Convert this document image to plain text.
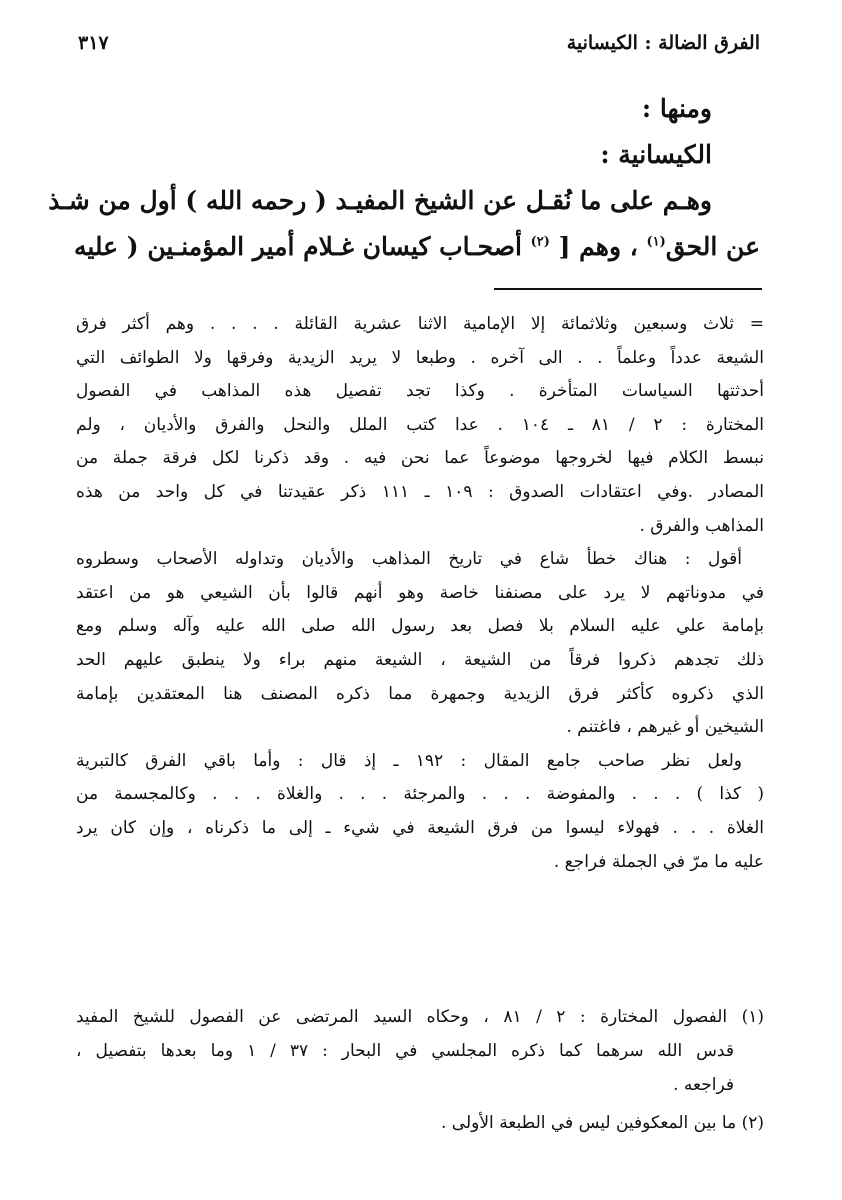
الفرق الضالة : الكيسانية
٣١٧

ومنها :

الكيسانية :

وهـم على ما نُقـل عن الشيخ المفيـد ( رحمه الله ) أول من شـذ

عن الحق$^{(١)}$ ، وهم [ $^{(٢)}$ أصحـاب كيسان غـلام أمير المؤمنـين ( عليه

= ثلاث وسبعين وثلاثمائة إلا الإمامية الاثنا عشرية القائلة . . . . وهم أكثر فرق

الشيعة عدداً وعلماً . . الى آخره . وطبعا لا يريد الزيدية وفرقها ولا الطوائف التي

أحدثتها السياسات المتأخرة . وكذا تجد تفصيل هذه المذاهب في الفصول

المختارة : ٢ / ٨١ ـ ١٠٤ . عدا كتب الملل والنحل والفرق والأديان ، ولم

نبسط الكلام فيها لخروجها موضوعاً عما نحن فيه . وقد ذكرنا لكل فرقة جملة من

المصادر .وفي اعتقادات الصدوق : ١٠٩ ـ ١١١ ذكر عقيدتنا في كل واحد من هذه

المذاهب والفرق .

أقول : هناك خطأ شاع في تاريخ المذاهب والأديان وتداوله الأصحاب وسطروه

في مدوناتهم لا يرد على مصنفنا خاصة وهو أنهم قالوا بأن الشيعي هو من اعتقد

بإمامة علي عليه السلام بلا فصل بعد رسول الله صلى الله عليه وآله وسلم ومع

ذلك تجدهم ذكروا فرقاً من الشيعة ، الشيعة منهم براء ولا ينطبق عليهم الحد

الذي ذكروه كأكثر فرق الزيدية وجمهرة مما ذكره المصنف هنا المعتقدين بإمامة

الشيخين أو غيرهم ، فاغتنم .

ولعل نظر صاحب جامع المقال : ١٩٢ ـ إذ قال : وأما باقي الفرق كالتبرية

( كذا ) . . . والمفوضة . . . والمرجئة . . . والغلاة . . . وكالمجسمة من

الغلاة . . . فهولاء ليسوا من فرق الشيعة في شيء ـ إلى ما ذكرناه ، وإن كان يرد

عليه ما مرّ في الجملة فراجع .

(١) الفصول المختارة : ٢ / ٨١ ، وحكاه السيد المرتضى عن الفصول للشيخ المفيد

قدس الله سرهما كما ذكره المجلسي في البحار : ٣٧ / ١ وما بعدها بتفصيل ،

فراجعه .

(٢) ما بين المعكوفين ليس في الطبعة الأولى .
